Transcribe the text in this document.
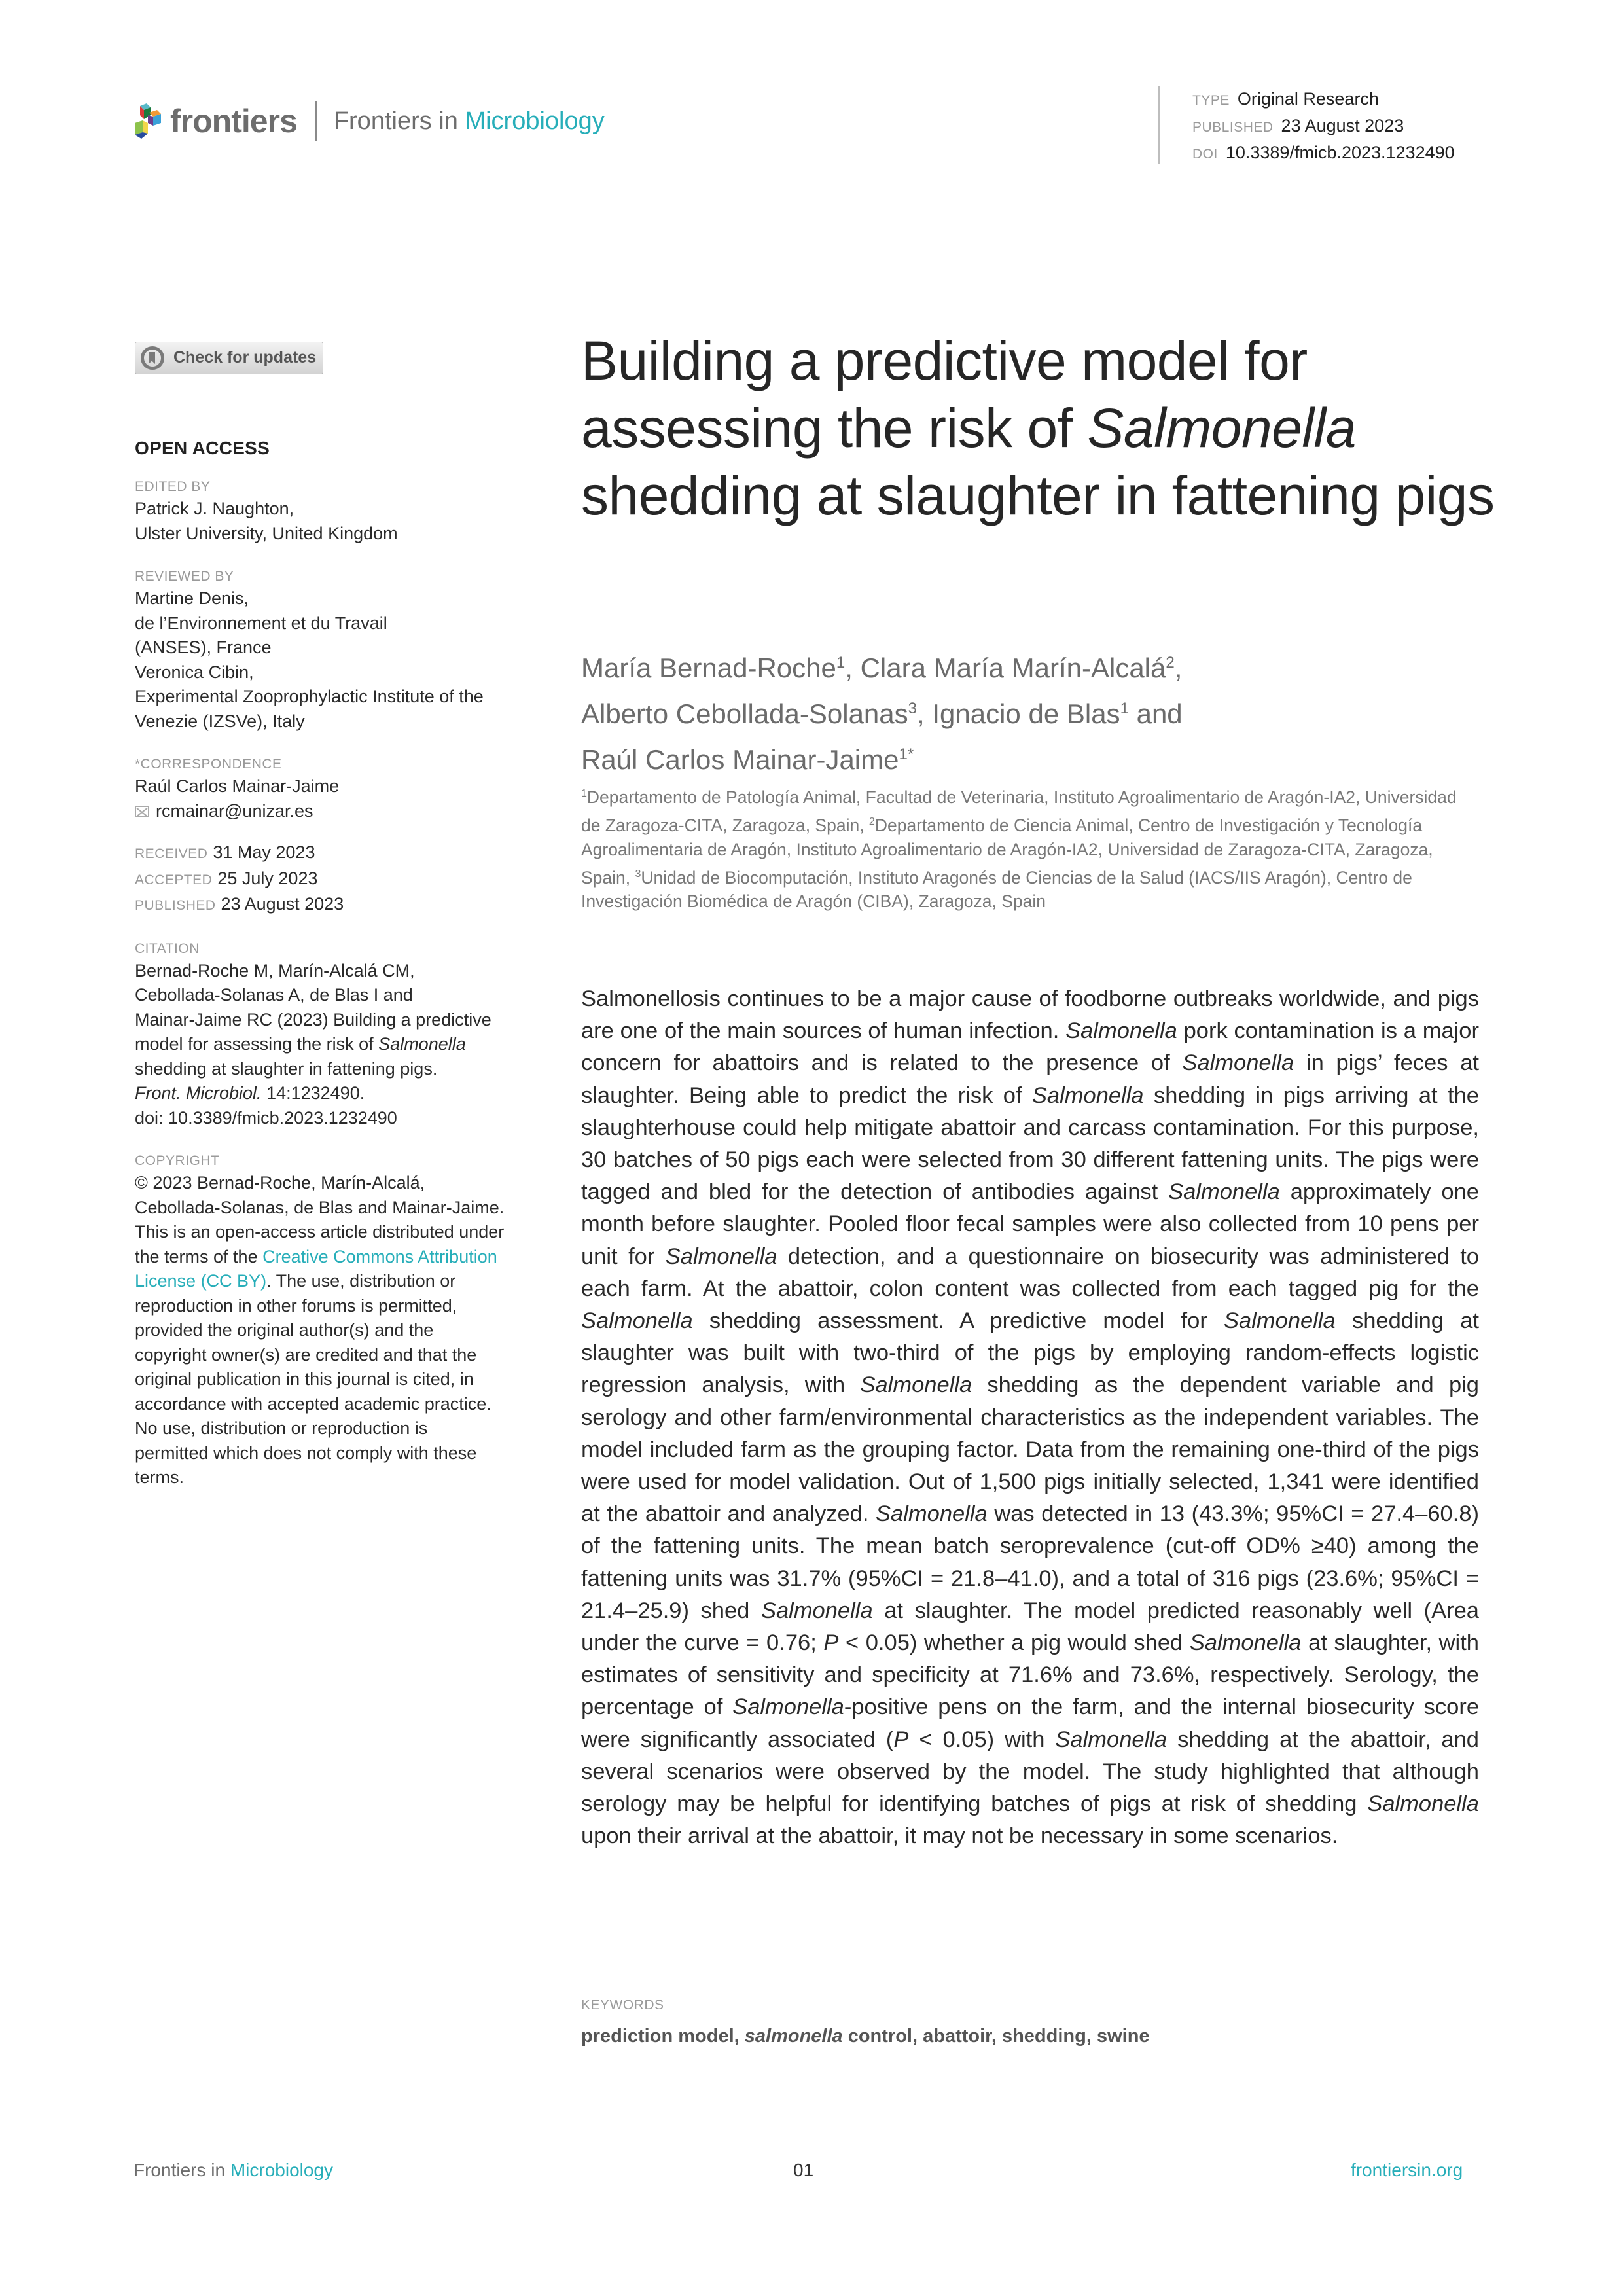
frontiers Frontiers in Microbiology
TYPE Original Research
PUBLISHED 23 August 2023
DOI 10.3389/fmicb.2023.1232490
Check for updates
OPEN ACCESS
EDITED BY
Patrick J. Naughton,
Ulster University, United Kingdom
REVIEWED BY
Martine Denis,
de l’Environnement et du Travail
(ANSES), France
Veronica Cibin,
Experimental Zooprophylactic Institute of the
Venezie (IZSVe), Italy
*CORRESPONDENCE
Raúl Carlos Mainar-Jaime
rcmainar@unizar.es
RECEIVED 31 May 2023
ACCEPTED 25 July 2023
PUBLISHED 23 August 2023
CITATION
Bernad-Roche M, Marín-Alcalá CM,
Cebollada-Solanas A, de Blas I and
Mainar-Jaime RC (2023) Building a predictive
model for assessing the risk of Salmonella
shedding at slaughter in fattening pigs.
Front. Microbiol. 14:1232490.
doi: 10.3389/fmicb.2023.1232490
COPYRIGHT
© 2023 Bernad-Roche, Marín-Alcalá,
Cebollada-Solanas, de Blas and Mainar-Jaime.
This is an open-access article distributed under
the terms of the Creative Commons Attribution
License (CC BY). The use, distribution or
reproduction in other forums is permitted,
provided the original author(s) and the
copyright owner(s) are credited and that the
original publication in this journal is cited, in
accordance with accepted academic practice.
No use, distribution or reproduction is
permitted which does not comply with these
terms.
Building a predictive model for assessing the risk of Salmonella shedding at slaughter in fattening pigs
María Bernad-Roche$^1$, Clara María Marín-Alcalá$^2$,
Alberto Cebollada-Solanas$^3$, Ignacio de Blas$^1$ and
Raúl Carlos Mainar-Jaime$^{1*}$
$^1$Departamento de Patología Animal, Facultad de Veterinaria, Instituto Agroalimentario de Aragón-IA2, Universidad de Zaragoza-CITA, Zaragoza, Spain, $^2$Departamento de Ciencia Animal, Centro de Investigación y Tecnología Agroalimentaria de Aragón, Instituto Agroalimentario de Aragón-IA2, Universidad de Zaragoza-CITA, Zaragoza, Spain, $^3$Unidad de Biocomputación, Instituto Aragonés de Ciencias de la Salud (IACS/IIS Aragón), Centro de Investigación Biomédica de Aragón (CIBA), Zaragoza, Spain
Salmonellosis continues to be a major cause of foodborne outbreaks worldwide, and pigs are one of the main sources of human infection. Salmonella pork contamination is a major concern for abattoirs and is related to the presence of Salmonella in pigs’ feces at slaughter. Being able to predict the risk of Salmonella shedding in pigs arriving at the slaughterhouse could help mitigate abattoir and carcass contamination. For this purpose, 30 batches of 50 pigs each were selected from 30 different fattening units. The pigs were tagged and bled for the detection of antibodies against Salmonella approximately one month before slaughter. Pooled floor fecal samples were also collected from 10 pens per unit for Salmonella detection, and a questionnaire on biosecurity was administered to each farm. At the abattoir, colon content was collected from each tagged pig for the Salmonella shedding assessment. A predictive model for Salmonella shedding at slaughter was built with two-third of the pigs by employing random-effects logistic regression analysis, with Salmonella shedding as the dependent variable and pig serology and other farm/environmental characteristics as the independent variables. The model included farm as the grouping factor. Data from the remaining one-third of the pigs were used for model validation. Out of 1,500 pigs initially selected, 1,341 were identified at the abattoir and analyzed. Salmonella was detected in 13 (43.3%; 95%CI = 27.4–60.8) of the fattening units. The mean batch seroprevalence (cut-off OD% ≥40) among the fattening units was 31.7% (95%CI = 21.8–41.0), and a total of 316 pigs (23.6%; 95%CI = 21.4–25.9) shed Salmonella at slaughter. The model predicted reasonably well (Area under the curve = 0.76; P < 0.05) whether a pig would shed Salmonella at slaughter, with estimates of sensitivity and specificity at 71.6% and 73.6%, respectively. Serology, the percentage of Salmonella-positive pens on the farm, and the internal biosecurity score were significantly associated (P < 0.05) with Salmonella shedding at the abattoir, and several scenarios were observed by the model. The study highlighted that although serology may be helpful for identifying batches of pigs at risk of shedding Salmonella upon their arrival at the abattoir, it may not be necessary in some scenarios.
KEYWORDS
prediction model, salmonella control, abattoir, shedding, swine
Frontiers in Microbiology	01	frontiersin.org
